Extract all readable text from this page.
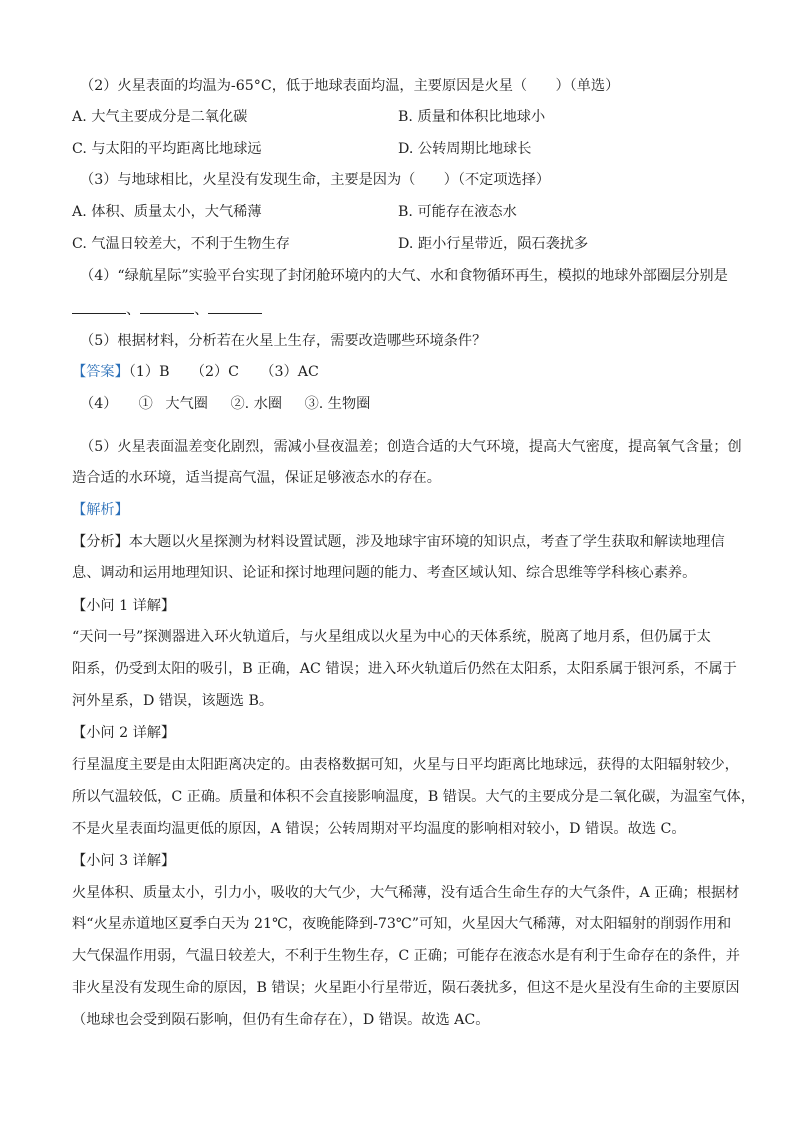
（2）火星表面的均温为-65°C，低于地球表面均温，主要原因是火星（　　）（单选）
A. 大气主要成分是二氧化碳	B. 质量和体积比地球小
C. 与太阳的平均距离比地球远	D. 公转周期比地球长
（3）与地球相比，火星没有发现生命，主要是因为（　　）（不定项选择）
A. 体积、质量太小，大气稀薄	B. 可能存在液态水
C. 气温日较差大，不利于生物生存	D. 距小行星带近，陨石袭扰多
（4）“绿航星际”实验平台实现了封闭舱环境内的大气、水和食物循环再生，模拟的地球外部圈层分别是
、	、
（5）根据材料，分析若在火星上生存，需要改造哪些环境条件？
【答案】（1）B　　（2）C　　（3）AC
（4）　　① 大气圈 ②. 水圈 ③. 生物圈
（5）火星表面温差变化剧烈，需减小昼夜温差；创造合适的大气环境，提高大气密度，提高氧气含量；创
造合适的水环境，适当提高气温，保证足够液态水的存在。
【解析】
【分析】本大题以火星探测为材料设置试题，涉及地球宇宙环境的知识点，考查了学生获取和解读地理信
息、调动和运用地理知识、论证和探讨地理问题的能力、考查区域认知、综合思维等学科核心素养。
【小问 1 详解】
“天问一号”探测器进入环火轨道后，与火星组成以火星为中心的天体系统，脱离了地月系，但仍属于太
阳系，仍受到太阳的吸引，B 正确，AC 错误；进入环火轨道后仍然在太阳系，太阳系属于银河系，不属于
河外星系，D 错误，该题选 B。
【小问 2 详解】
行星温度主要是由太阳距离决定的。由表格数据可知，火星与日平均距离比地球远，获得的太阳辐射较少，
所以气温较低，C 正确。质量和体积不会直接影响温度，B 错误。大气的主要成分是二氧化碳，为温室气体，
不是火星表面均温更低的原因，A 错误；公转周期对平均温度的影响相对较小，D 错误。故选 C。
【小问 3 详解】
火星体积、质量太小，引力小，吸收的大气少，大气稀薄，没有适合生命生存的大气条件，A 正确；根据材
料“火星赤道地区夏季白天为 21℃，夜晚能降到-73℃”可知，火星因大气稀薄，对太阳辐射的削弱作用和
大气保温作用弱，气温日较差大，不利于生物生存，C 正确；可能存在液态水是有利于生命存在的条件，并
非火星没有发现生命的原因，B 错误；火星距小行星带近，陨石袭扰多，但这不是火星没有生命的主要原因
（地球也会受到陨石影响，但仍有生命存在），D 错误。故选 AC。
